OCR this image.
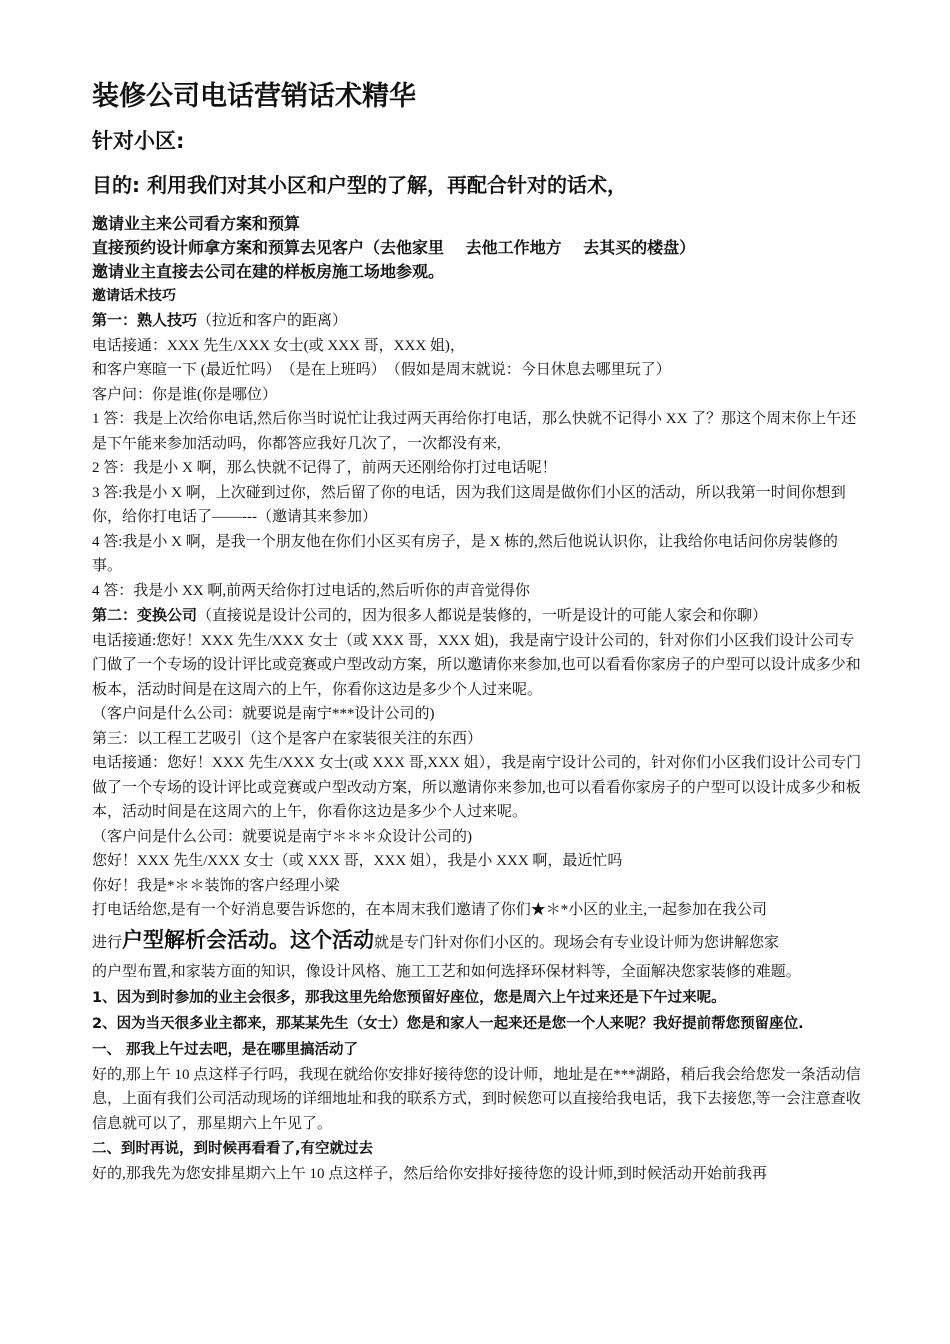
装修公司电话营销话术精华
针对小区:
目的: 利用我们对其小区和户型的了解，再配合针对的话术，
邀请业主来公司看方案和预算
直接预约设计师拿方案和预算去见客户（去他家里　 去他工作地方　 去其买的楼盘）
邀请业主直接去公司在建的样板房施工场地参观。
邀请话术技巧

第一：熟人技巧（拉近和客户的距离）

电话接通：XXX 先生/XXX 女士(或 XXX 哥，XXX 姐)，

和客户寒暄一下 (最近忙吗）　（是在上班吗）　（假如是周末就说：今日休息去哪里玩了）

客户问：你是谁(你是哪位）

1 答：我是上次给你电话,然后你当时说忙让我过两天再给你打电话，那么快就不记得小 XX 了？那这个周末你上午还是下午能来参加活动吗，你都答应我好几次了，一次都没有来,

2 答：我是小 X 啊，那么快就不记得了，前两天还刚给你打过电话呢！

3 答:我是小 X 啊，上次碰到过你，然后留了你的电话，因为我们这周是做你们小区的活动，所以我第一时间你想到你，给你打电话了——---（邀请其来参加）

4 答:我是小 X 啊，是我一个朋友他在你们小区买有房子，是 X 栋的,然后他说认识你，让我给你电话问你房装修的事。

4 答：我是小 XX 啊,前两天给你打过电话的,然后听你的声音觉得你

第二：变换公司（直接说是设计公司的，因为很多人都说是装修的，一听是设计的可能人家会和你聊）

电话接通:您好！XXX 先生/XXX 女士（或 XXX 哥，XXX 姐)，我是南宁设计公司的，针对你们小区我们设计公司专门做了一个专场的设计评比或竞赛或户型改动方案，所以邀请你来参加,也可以看看你家房子的户型可以设计成多少和板本，活动时间是在这周六的上午，你看你这边是多少个人过来呢。

（客户问是什么公司：就要说是南宁***设计公司的)

第三：以工程工艺吸引（这个是客户在家装很关注的东西）

电话接通：您好！XXX 先生/XXX 女士(或 XXX 哥,XXX 姐），我是南宁设计公司的，针对你们小区我们设计公司专门做了一个专场的设计评比或竞赛或户型改动方案，所以邀请你来参加,也可以看看你家房子的户型可以设计成多少和板本，活动时间是在这周六的上午，你看你这边是多少个人过来呢。

（客户问是什么公司：就要说是南宁＊＊＊众设计公司的)

您好！XXX 先生/XXX 女士（或 XXX 哥，XXX 姐），我是小 XXX 啊，最近忙吗

你好！我是*＊＊装饰的客户经理小梁

打电话给您,是有一个好消息要告诉您的，在本周末我们邀请了你们★＊*小区的业主,一起参加在我公司

进行户型解析会活动。这个活动就是专门针对你们小区的。现场会有专业设计师为您讲解您家

的户型布置,和家装方面的知识，像设计风格、施工工艺和如何选择环保材料等，全面解决您家装修的难题。

1、因为到时参加的业主会很多，那我这里先给您预留好座位，您是周六上午过来还是下午过来呢。

2、因为当天很多业主都来，那某某先生（女士）您是和家人一起来还是您一个人来呢？我好提前帮您预留座位.

一、 那我上午过去吧，是在哪里搞活动了

好的,那上午 10 点这样子行吗，我现在就给你安排好接待您的设计师，地址是在***湖路，稍后我会给您发一条活动信息，上面有我们公司活动现场的详细地址和我的联系方式，到时候您可以直接给我电话，我下去接您,等一会注意查收信息就可以了，那星期六上午见了。

二、到时再说，到时候再看看了,有空就过去

好的,那我先为您安排星期六上午 10 点这样子，然后给你安排好接待您的设计师,到时候活动开始前我再
